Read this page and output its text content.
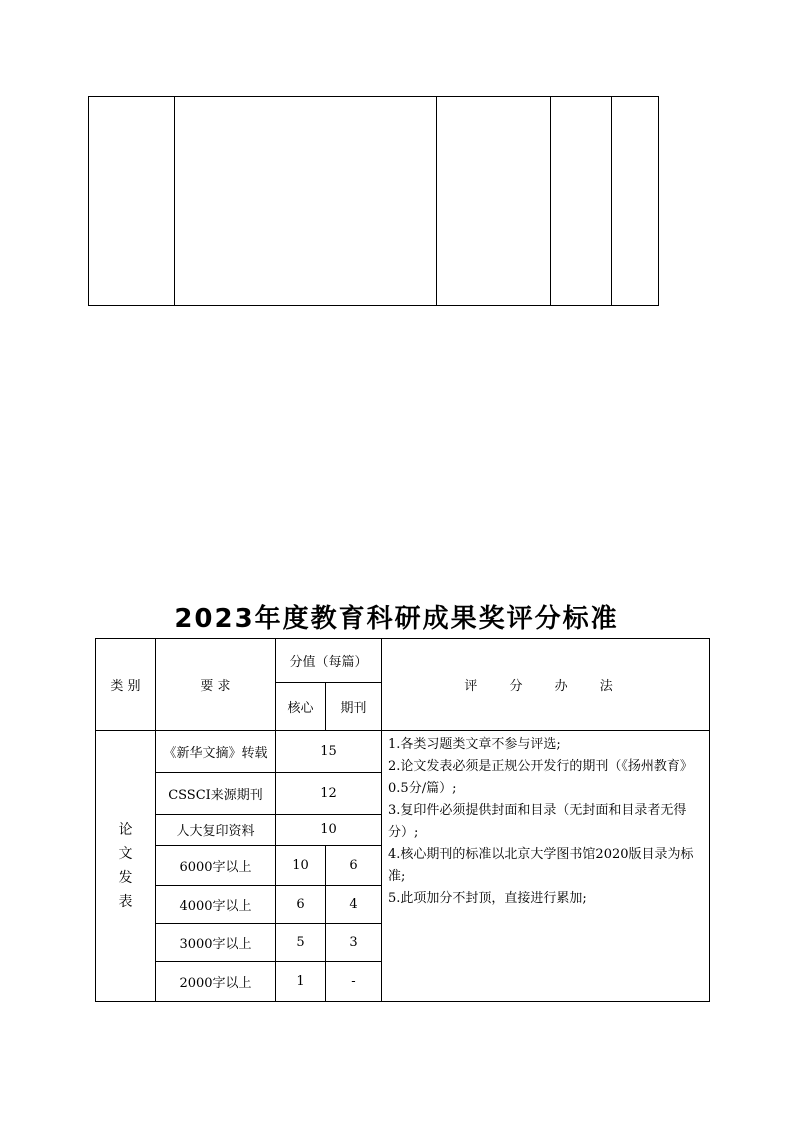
2023年度教育科研成果奖评分标准
类 别	要 求	分值（每篇）		评 分 办 法
		核心	期刊	
论
文
发
表	《新华文摘》转载	15		1.各类习题类文章不参与评选;
2.论文发表必须是正规公开发行的期刊（《扬州教育》0.5分/篇）;
3.复印件必须提供封面和目录（无封面和目录者无得分）;
4.核心期刊的标准以北京大学图书馆2020版目录为标准;
5.此项加分不封顶，直接进行累加;

	CSSCI来源期刊	12		
	人大复印资料	10		
	6000字以上	10	6	
	4000字以上	6	4	
	3000字以上	5	3	
	2000字以上	1	-	
